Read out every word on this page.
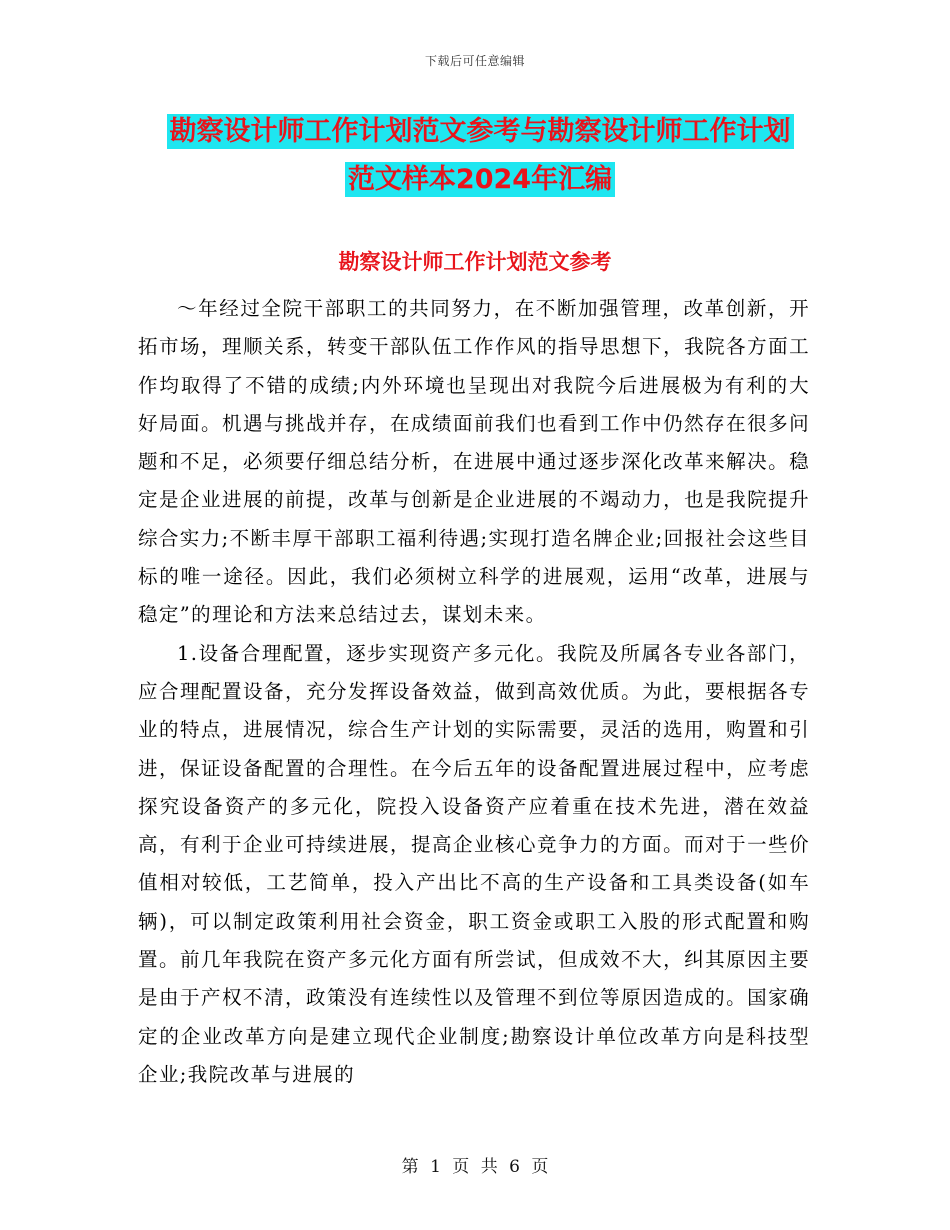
下载后可任意编辑
勘察设计师工作计划范文参考与勘察设计师工作计划
范文样本2024年汇编
勘察设计师工作计划范文参考

～年经过全院干部职工的共同努力，在不断加强管理，改革创新，开拓市场，理顺关系，转变干部队伍工作作风的指导思想下，我院各方面工作均取得了不错的成绩;内外环境也呈现出对我院今后进展极为有利的大好局面。机遇与挑战并存，在成绩面前我们也看到工作中仍然存在很多问题和不足，必须要仔细总结分析，在进展中通过逐步深化改革来解决。稳定是企业进展的前提，改革与创新是企业进展的不竭动力，也是我院提升综合实力;不断丰厚干部职工福利待遇;实现打造名牌企业;回报社会这些目标的唯一途径。因此，我们必须树立科学的进展观，运用“改革，进展与稳定”的理论和方法来总结过去，谋划未来。

1.设备合理配置，逐步实现资产多元化。我院及所属各专业各部门，应合理配置设备，充分发挥设备效益，做到高效优质。为此，要根据各专业的特点，进展情况，综合生产计划的实际需要，灵活的选用，购置和引进，保证设备配置的合理性。在今后五年的设备配置进展过程中，应考虑探究设备资产的多元化，院投入设备资产应着重在技术先进，潜在效益高，有利于企业可持续进展，提高企业核心竞争力的方面。而对于一些价值相对较低，工艺简单，投入产出比不高的生产设备和工具类设备(如车辆)，可以制定政策利用社会资金，职工资金或职工入股的形式配置和购置。前几年我院在资产多元化方面有所尝试，但成效不大，纠其原因主要是由于产权不清，政策没有连续性以及管理不到位等原因造成的。国家确定的企业改革方向是建立现代企业制度;勘察设计单位改革方向是科技型企业;我院改革与进展的

第 1 页 共 6 页
